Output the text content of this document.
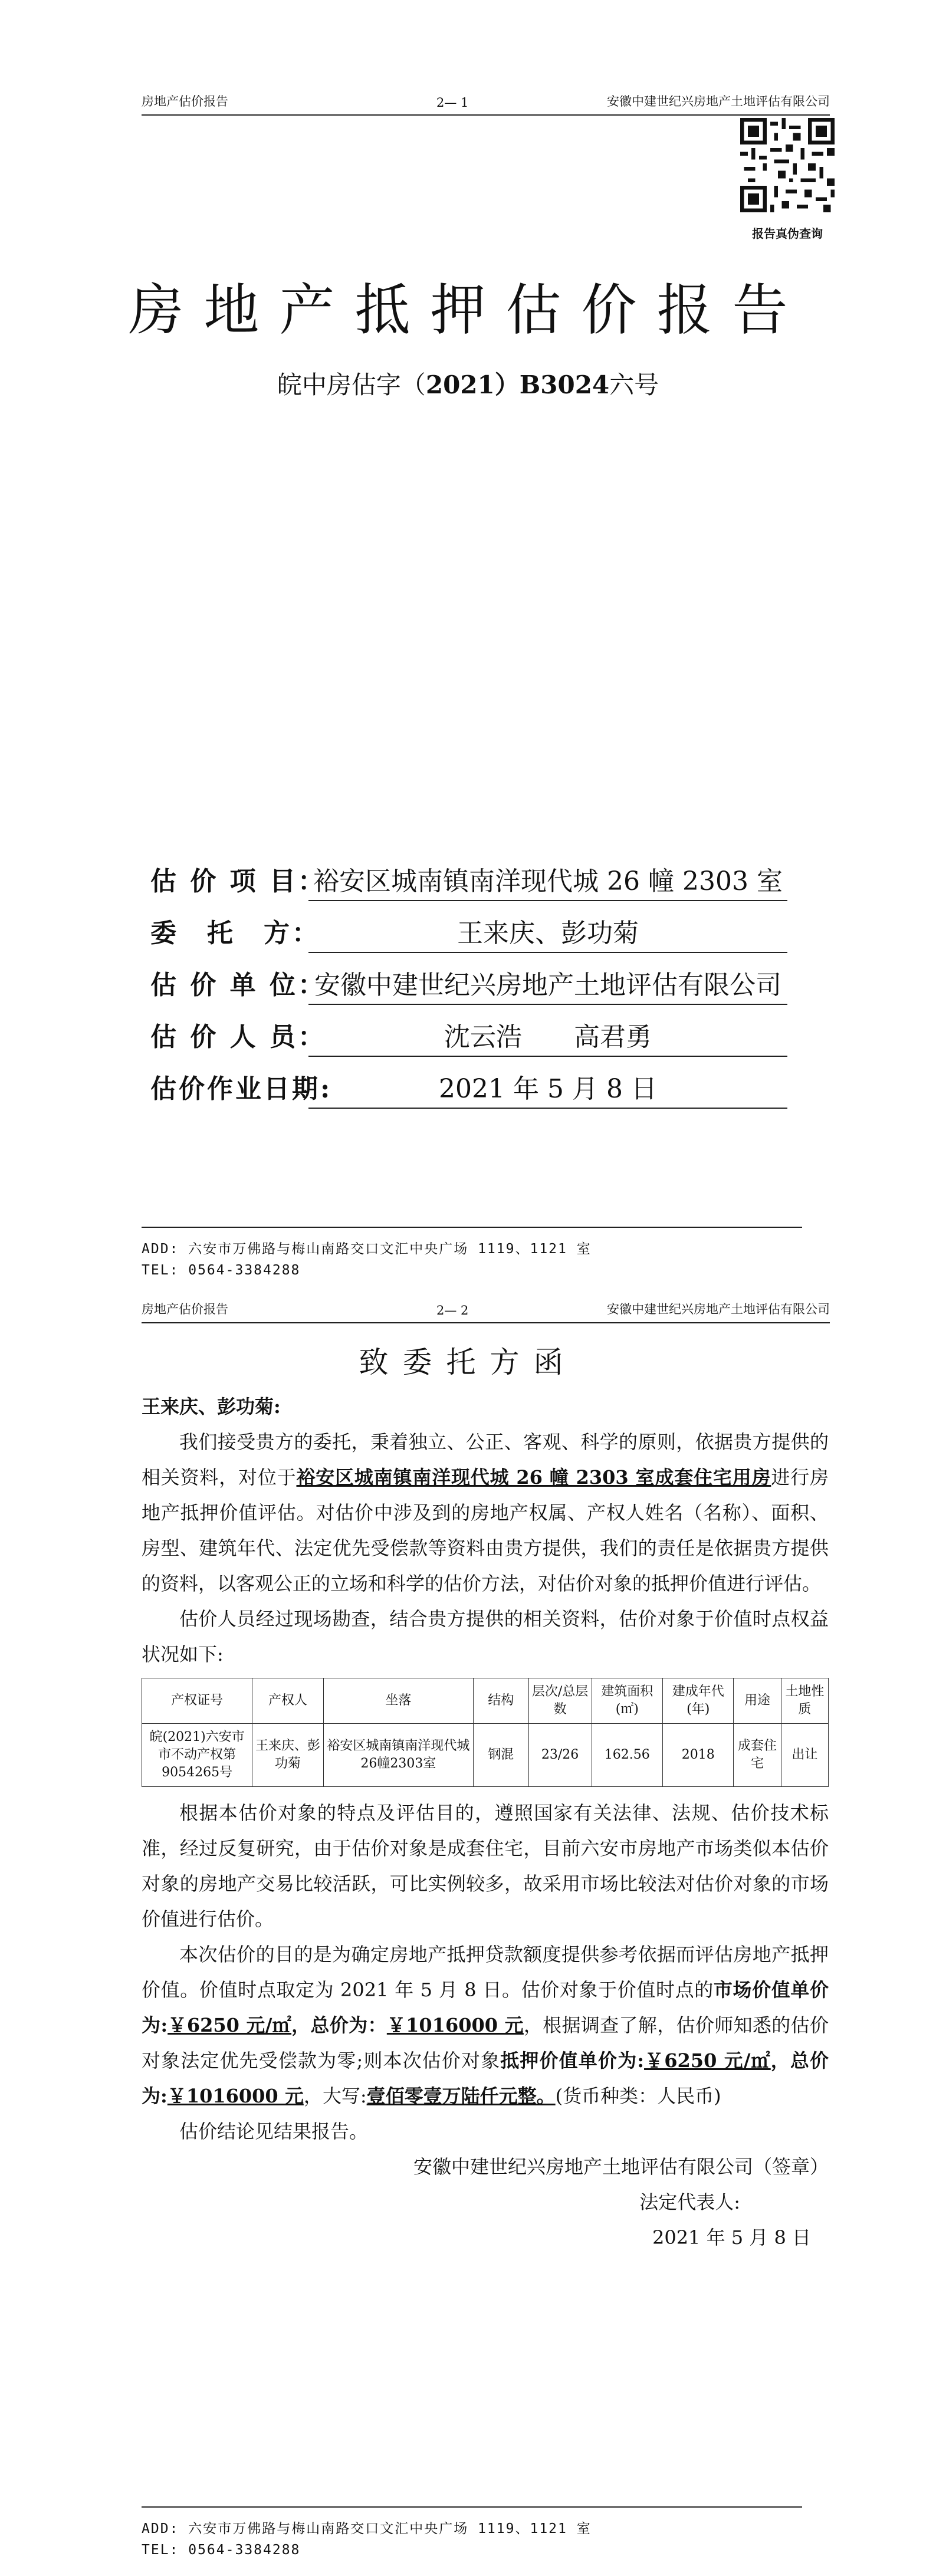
房地产估价报告	2— 1	安徽中建世纪兴房地产土地评估有限公司
报告真伪查询
房地产抵押估价报告
皖中房估字（2021）B3024六号
估 价 项 目：
裕安区城南镇南洋现代城 26 幢 2303 室
委　托　方：	王来庆、彭功菊
估 价 单 位：
安徽中建世纪兴房地产土地评估有限公司
估 价 人 员：	沈云浩　　高君勇
估价作业日期:	2021 年 5 月 8 日
ADD: 六安市万佛路与梅山南路交口文汇中央广场 1119、1121 室
TEL: 0564-3384288
房地产估价报告	2— 2	安徽中建世纪兴房地产土地评估有限公司
致委托方函
王来庆、彭功菊:

我们接受贵方的委托，秉着独立、公正、客观、科学的原则，依据贵方提供的相关资料，对位于裕安区城南镇南洋现代城 26 幢 2303 室成套住宅用房进行房地产抵押价值评估。对估价中涉及到的房地产权属、产权人姓名（名称）、面积、房型、建筑年代、法定优先受偿款等资料由贵方提供，我们的责任是依据贵方提供的资料，以客观公正的立场和科学的估价方法，对估价对象的抵押价值进行评估。

估价人员经过现场勘查，结合贵方提供的相关资料，估价对象于价值时点权益状况如下:

产权证号	产权人	坐落	结构	层次/总层数	建筑面积(㎡)	建成年代(年)	用途	土地性质
皖(2021)六安市市不动产权第9054265号	王来庆、彭功菊	裕安区城南镇南洋现代城26幢2303室	钢混	23/26	162.56	2018	成套住宅	出让

根据本估价对象的特点及评估目的，遵照国家有关法律、法规、估价技术标准，经过反复研究，由于估价对象是成套住宅，目前六安市房地产市场类似本估价对象的房地产交易比较活跃，可比实例较多，故采用市场比较法对估价对象的市场价值进行估价。

本次估价的目的是为确定房地产抵押贷款额度提供参考依据而评估房地产抵押价值。价值时点取定为 2021 年 5 月 8 日。估价对象于价值时点的市场价值单价为:￥6250 元/㎡，总价为：￥1016000 元，根据调查了解，估价师知悉的估价对象法定优先受偿款为零;则本次估价对象抵押价值单价为:￥6250 元/㎡，总价为:￥1016000 元，大写:壹佰零壹万陆仟元整。(货币种类：人民币)

估价结论见结果报告。

安徽中建世纪兴房地产土地评估有限公司（签章）
法定代表人:
2021 年 5 月 8 日
ADD: 六安市万佛路与梅山南路交口文汇中央广场 1119、1121 室
TEL: 0564-3384288
